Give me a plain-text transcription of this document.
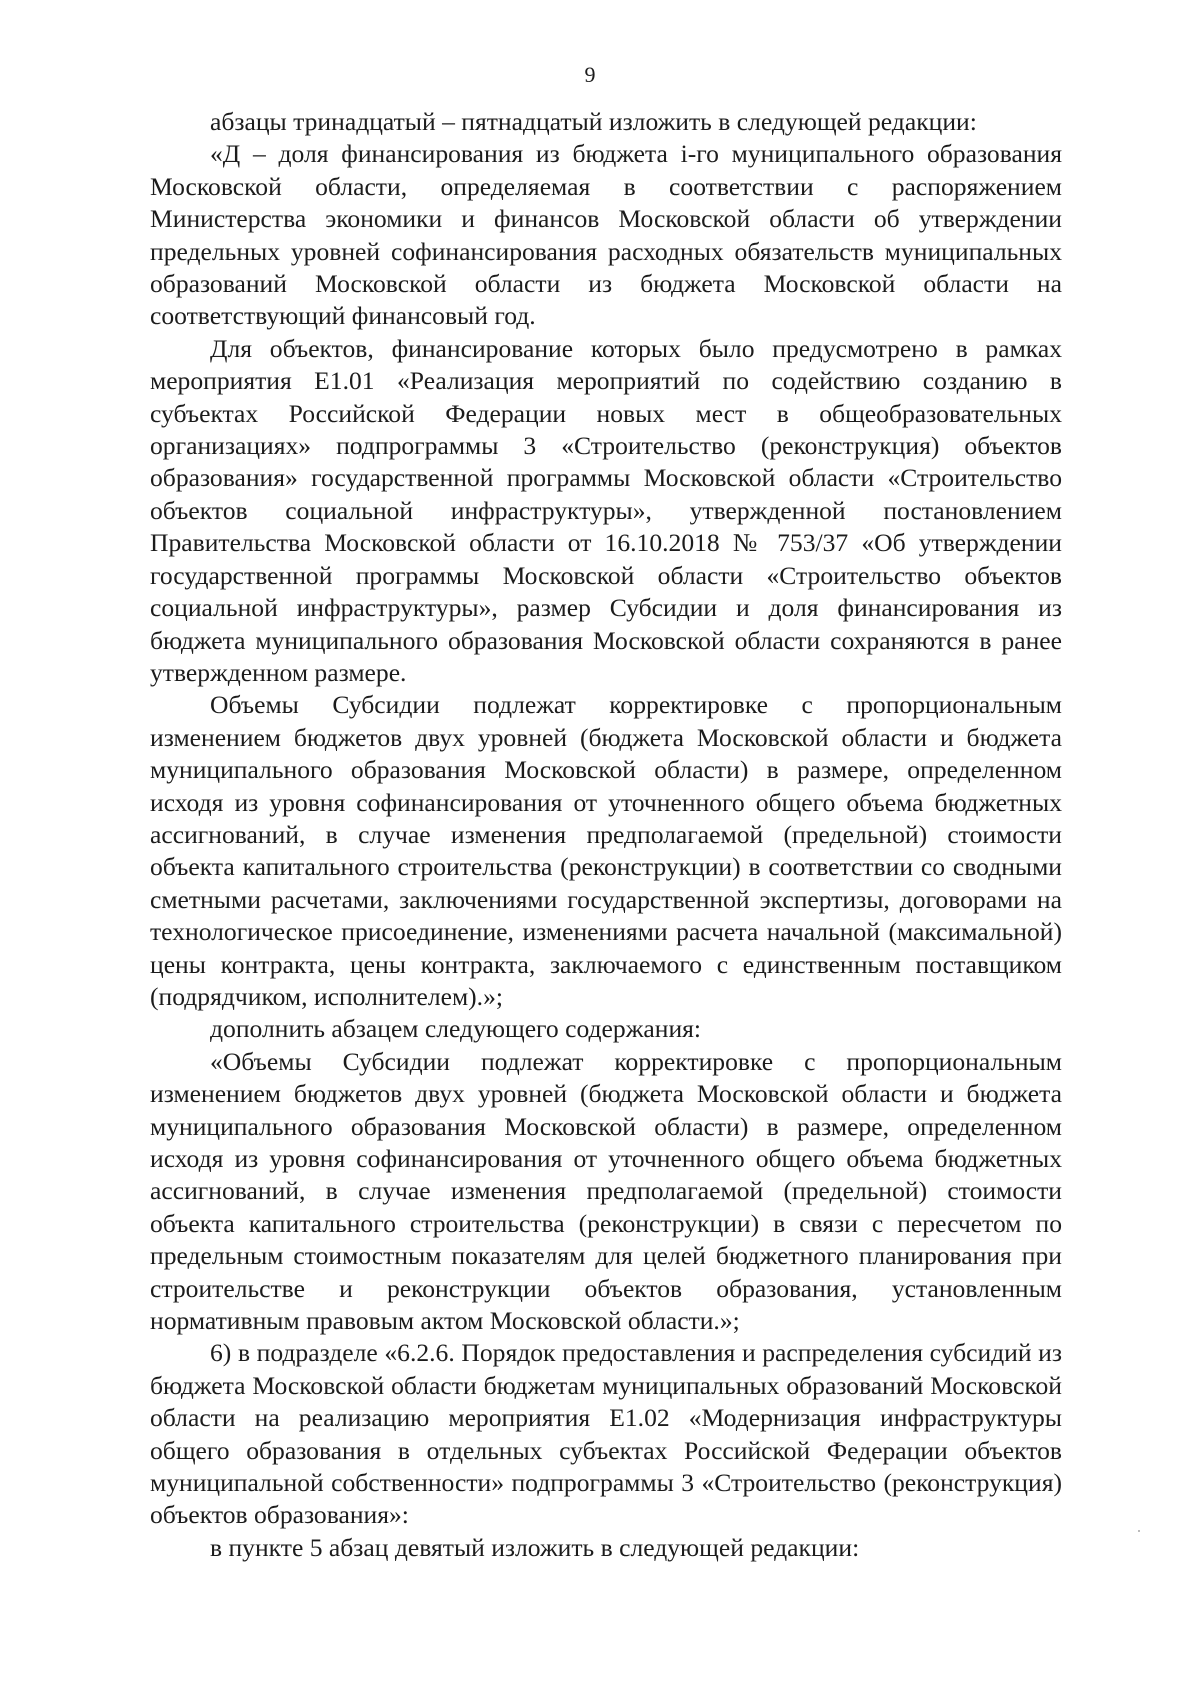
9

абзацы тринадцатый – пятнадцатый изложить в следующей редакции:

«Д – доля финансирования из бюджета i-го муниципального образования Московской области, определяемая в соответствии с распоряжением Министерства экономики и финансов Московской области об утверждении предельных уровней софинансирования расходных обязательств муниципальных образований Московской области из бюджета Московской области на соответствующий финансовый год.

Для объектов, финансирование которых было предусмотрено в рамках мероприятия Е1.01 «Реализация мероприятий по содействию созданию в субъектах Российской Федерации новых мест в общеобразовательных организациях» подпрограммы 3 «Строительство (реконструкция) объектов образования» государственной программы Московской области «Строительство объектов социальной инфраструктуры», утвержденной постановлением Правительства Московской области от 16.10.2018 № 753/37 «Об утверждении государственной программы Московской области «Строительство объектов социальной инфраструктуры», размер Субсидии и доля финансирования из бюджета муниципального образования Московской области сохраняются в ранее утвержденном размере.

Объемы Субсидии подлежат корректировке с пропорциональным изменением бюджетов двух уровней (бюджета Московской области и бюджета муниципального образования Московской области) в размере, определенном исходя из уровня софинансирования от уточненного общего объема бюджетных ассигнований, в случае изменения предполагаемой (предельной) стоимости объекта капитального строительства (реконструкции) в соответствии со сводными сметными расчетами, заключениями государственной экспертизы, договорами на технологическое присоединение, изменениями расчета начальной (максимальной) цены контракта, цены контракта, заключаемого с единственным поставщиком (подрядчиком, исполнителем).»;

дополнить абзацем следующего содержания:

«Объемы Субсидии подлежат корректировке с пропорциональным изменением бюджетов двух уровней (бюджета Московской области и бюджета муниципального образования Московской области) в размере, определенном исходя из уровня софинансирования от уточненного общего объема бюджетных ассигнований, в случае изменения предполагаемой (предельной) стоимости объекта капитального строительства (реконструкции) в связи с пересчетом по предельным стоимостным показателям для целей бюджетного планирования при строительстве и реконструкции объектов образования, установленным нормативным правовым актом Московской области.»;

6) в подразделе «6.2.6. Порядок предоставления и распределения субсидий из бюджета Московской области бюджетам муниципальных образований Московской области на реализацию мероприятия Е1.02 «Модернизация инфраструктуры общего образования в отдельных субъектах Российской Федерации объектов муниципальной собственности» подпрограммы 3 «Строительство (реконструкция) объектов образования»:

в пункте 5 абзац девятый изложить в следующей редакции:
